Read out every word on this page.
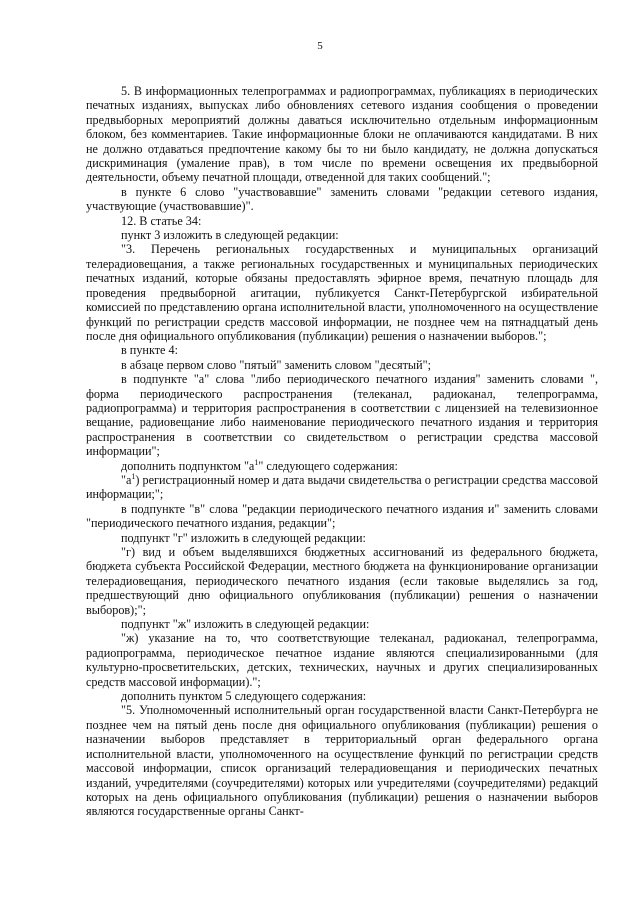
5

5. В информационных телепрограммах и радиопрограммах, публикациях в периодических печатных изданиях, выпусках либо обновлениях сетевого издания сообщения о проведении предвыборных мероприятий должны даваться исключительно отдельным информационным блоком, без комментариев. Такие информационные блоки не оплачиваются кандидатами. В них не должно отдаваться предпочтение какому бы то ни было кандидату, не должна допускаться дискриминация (умаление прав), в том числе по времени освещения их предвыборной деятельности, объему печатной площади, отведенной для таких сообщений.";

в пункте 6 слово "участвовавшие" заменить словами "редакции сетевого издания, участвующие (участвовавшие)".

12. В статье 34:

пункт 3 изложить в следующей редакции:

"3. Перечень региональных государственных и муниципальных организаций телерадиовещания, а также региональных государственных и муниципальных периодических печатных изданий, которые обязаны предоставлять эфирное время, печатную площадь для проведения предвыборной агитации, публикуется Санкт-Петербургской избирательной комиссией по представлению органа исполнительной власти, уполномоченного на осуществление функций по регистрации средств массовой информации, не позднее чем на пятнадцатый день после дня официального опубликования (публикации) решения о назначении выборов.";

в пункте 4:

в абзаце первом слово "пятый" заменить словом "десятый";

в подпункте "а" слова "либо периодического печатного издания" заменить словами ", форма периодического распространения (телеканал, радиоканал, телепрограмма, радиопрограмма) и территория распространения в соответствии с лицензией на телевизионное вещание, радиовещание либо наименование периодического печатного издания и территория распространения в соответствии со свидетельством о регистрации средства массовой информации";

дополнить подпунктом "$а^1$" следующего содержания:

"$а^1$) регистрационный номер и дата выдачи свидетельства о регистрации средства массовой информации;";

в подпункте "в" слова "редакции периодического печатного издания и" заменить словами "периодического печатного издания, редакции";

подпункт "г" изложить в следующей редакции:

"г) вид и объем выделявшихся бюджетных ассигнований из федерального бюджета, бюджета субъекта Российской Федерации, местного бюджета на функционирование организации телерадиовещания, периодического печатного издания (если таковые выделялись за год, предшествующий дню официального опубликования (публикации) решения о назначении выборов);";

подпункт "ж" изложить в следующей редакции:

"ж) указание на то, что соответствующие телеканал, радиоканал, телепрограмма, радиопрограмма, периодическое печатное издание являются специализированными (для культурно-просветительских, детских, технических, научных и других специализированных средств массовой информации).";

дополнить пунктом 5 следующего содержания:

"5. Уполномоченный исполнительный орган государственной власти Санкт-Петербурга не позднее чем на пятый день после дня официального опубликования (публикации) решения о назначении выборов представляет в территориальный орган федерального органа исполнительной власти, уполномоченного на осуществление функций по регистрации средств массовой информации, список организаций телерадиовещания и периодических печатных изданий, учредителями (соучредителями) которых или учредителями (соучредителями) редакций которых на день официального опубликования (публикации) решения о назначении выборов являются государственные органы Санкт-
